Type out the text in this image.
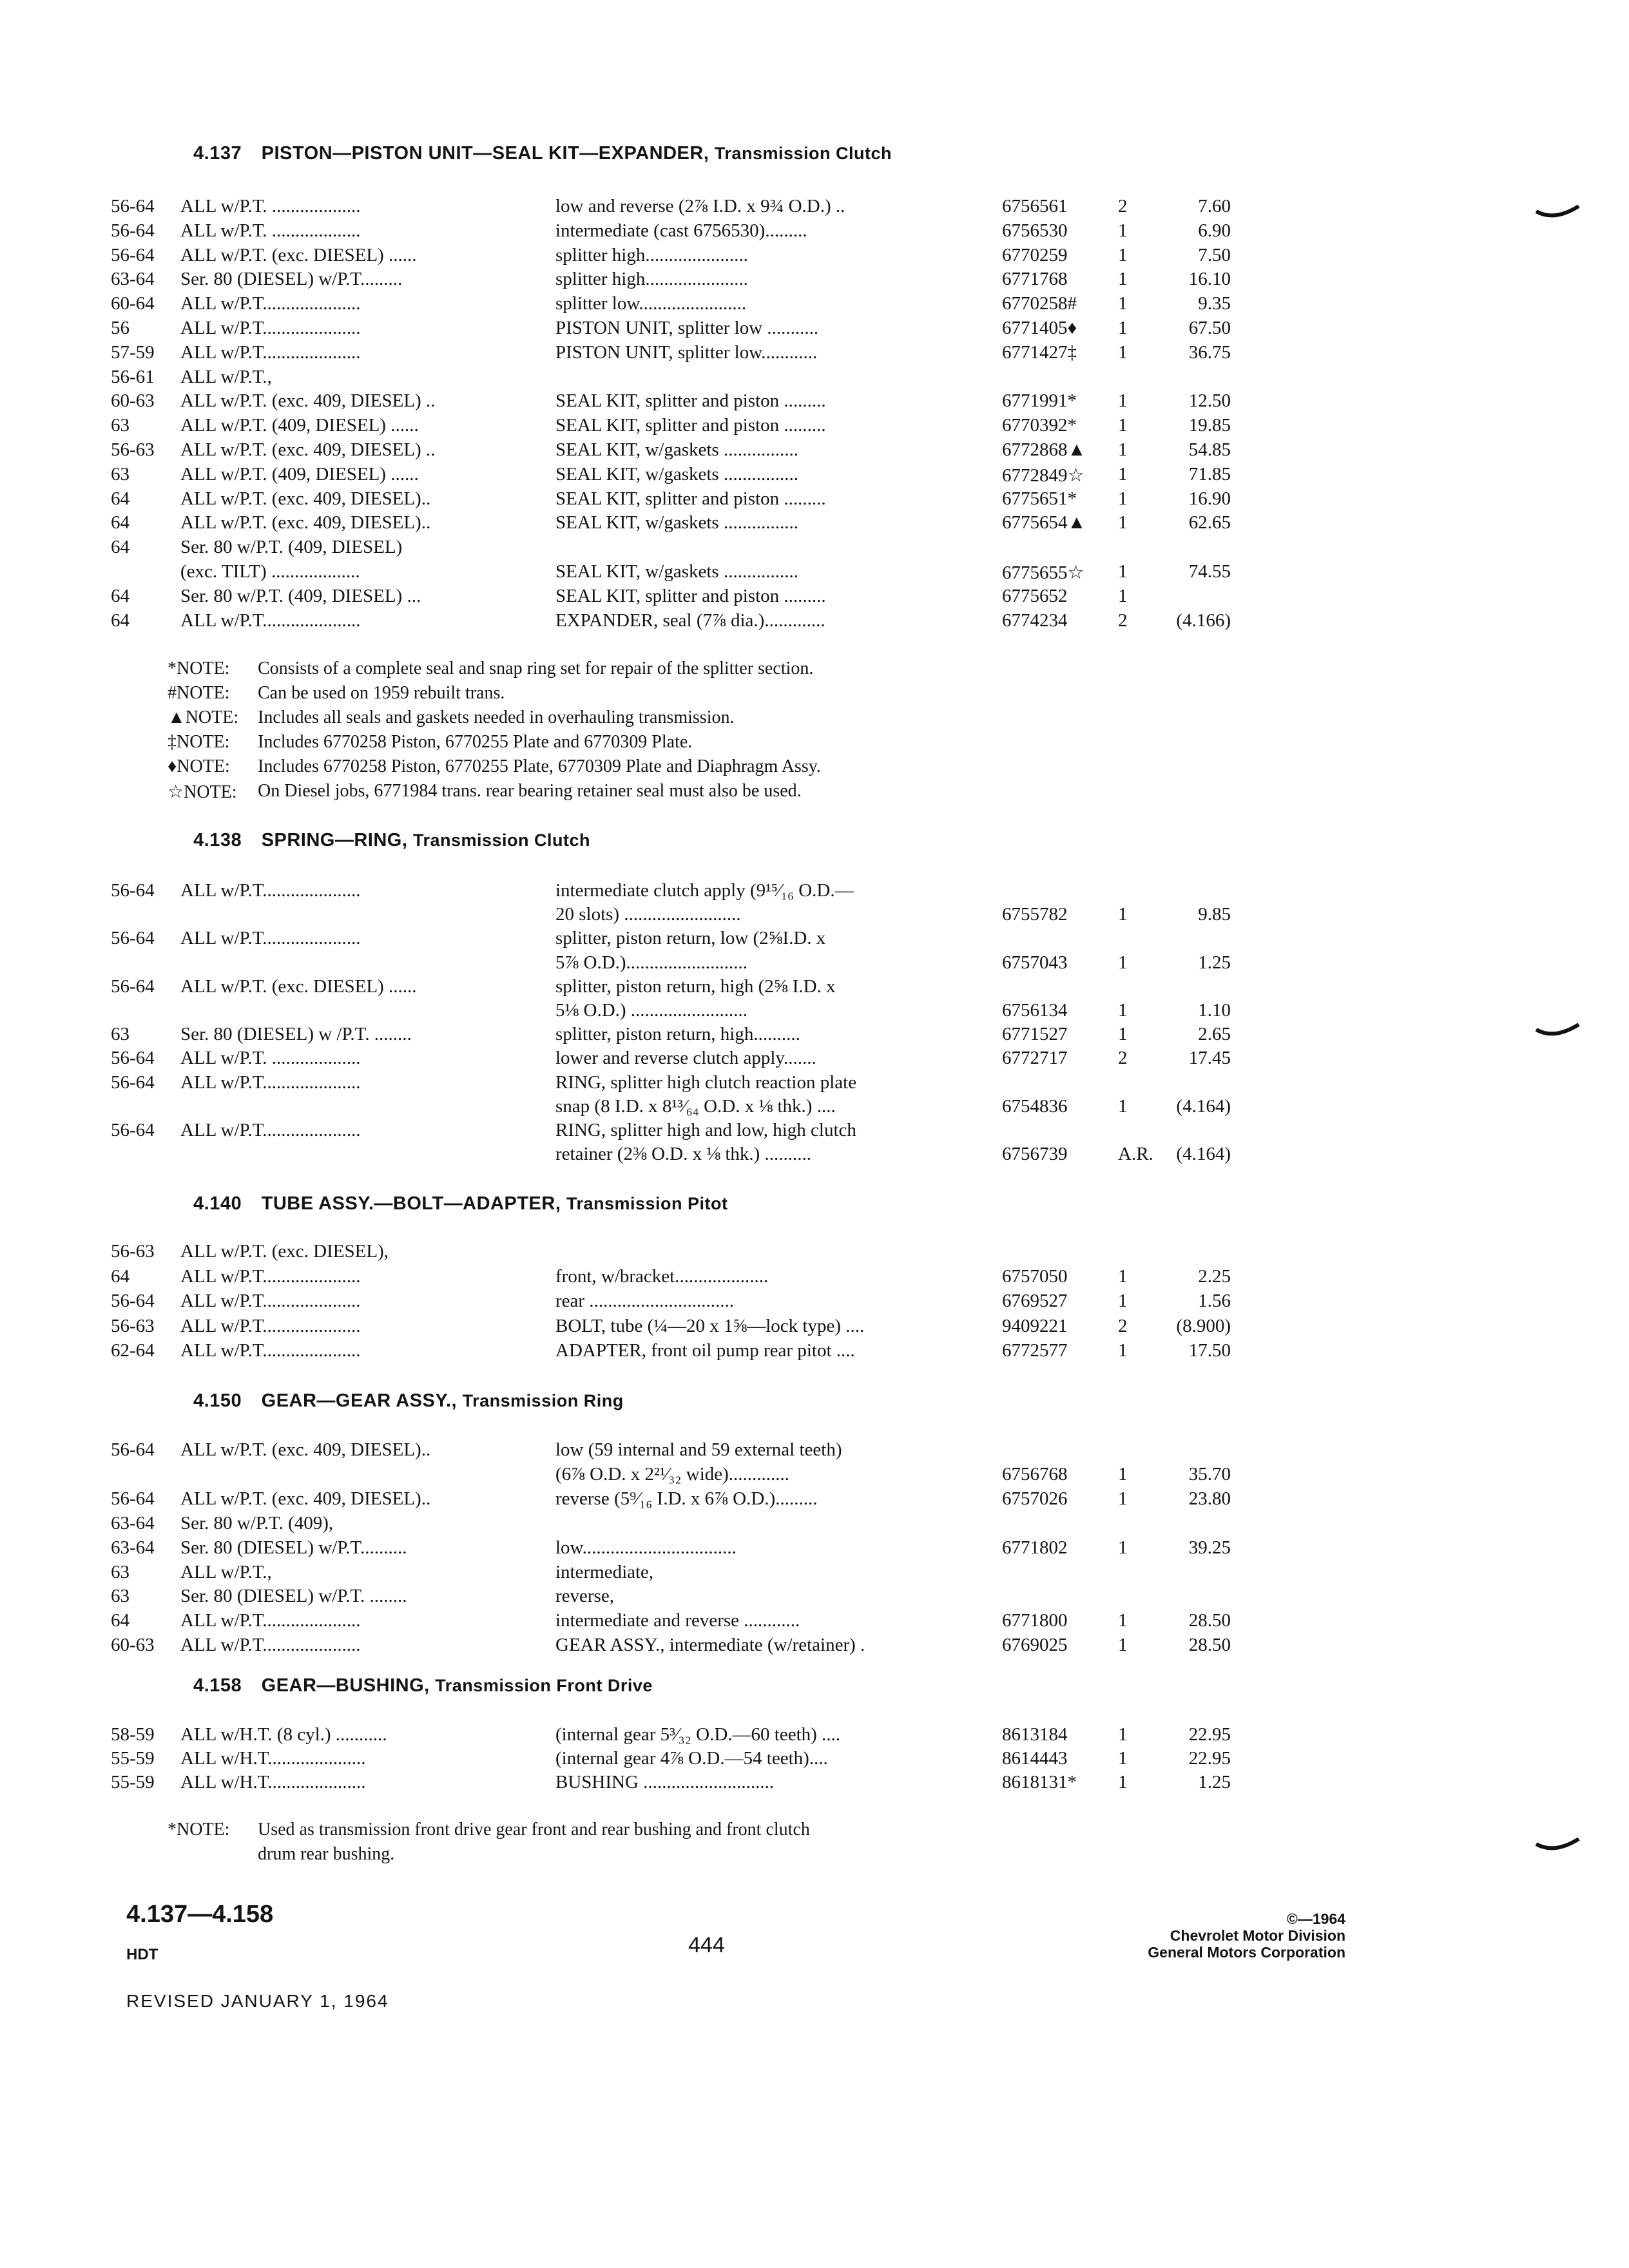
4.137 PISTON—PISTON UNIT—SEAL KIT—EXPANDER, Transmission Clutch
56-64 ALL w/P.T. ...................	low and reverse (2⅞ I.D. x 9¾ O.D.) ..	6756561	2	7.60
56-64 ALL w/P.T. ...................	intermediate (cast 6756530).........	6756530	1	6.90
56-64 ALL w/P.T. (exc. DIESEL) ......	splitter high......................	6770259	1	7.50
63-64 Ser. 80 (DIESEL) w/P.T.........	splitter high......................	6771768	1	16.10
60-64 ALL w/P.T.....................	splitter low.......................	6770258# 1	9.35
56	ALL w/P.T.....................	PISTON UNIT, splitter low ...........	6771405♦ 1	67.50
57-59 ALL w/P.T.....................	PISTON UNIT, splitter low............	6771427‡ 1	36.75
56-61 ALL w/P.T.,
60-63 ALL w/P.T. (exc. 409, DIESEL) ..	SEAL KIT, splitter and piston .........	6771991* 1	12.50
63	ALL w/P.T. (409, DIESEL) ......	SEAL KIT, splitter and piston .........	6770392* 1	19.85
56-63 ALL w/P.T. (exc. 409, DIESEL) ..	SEAL KIT, w/gaskets ................	6772868▲ 1	54.85
63	ALL w/P.T. (409, DIESEL) ......	SEAL KIT, w/gaskets ................	6772849☆ 1	71.85
64	ALL w/P.T. (exc. 409, DIESEL)..	SEAL KIT, splitter and piston .........	6775651* 1	16.90
64	ALL w/P.T. (exc. 409, DIESEL)..	SEAL KIT, w/gaskets ................	6775654▲ 1	62.65
64	Ser. 80 w/P.T. (409, DIESEL)
(exc. TILT) ...................	SEAL KIT, w/gaskets ................	6775655☆ 1	74.55
64	Ser. 80 w/P.T. (409, DIESEL) ...	SEAL KIT, splitter and piston .........	6775652	1
64	ALL w/P.T.....................	EXPANDER, seal (7⅞ dia.).............	6774234	2	(4.166)
*NOTE: Consists of a complete seal and snap ring set for repair of the splitter section.
#NOTE: Can be used on 1959 rebuilt trans.
▲NOTE: Includes all seals and gaskets needed in overhauling transmission.
‡NOTE: Includes 6770258 Piston, 6770255 Plate and 6770309 Plate.
♦NOTE: Includes 6770258 Piston, 6770255 Plate, 6770309 Plate and Diaphragm Assy.
☆NOTE: On Diesel jobs, 6771984 trans. rear bearing retainer seal must also be used.
4.138 SPRING—RING, Transmission Clutch
56-64 ALL w/P.T.....................	intermediate clutch apply (9¹⁵⁄₁₆ O.D.—
20 slots) .........................	6755782	1	9.85
56-64 ALL w/P.T.....................	splitter, piston return, low (2⅝I.D. x
5⅞ O.D.)..........................	6757043	1	1.25
56-64 ALL w/P.T. (exc. DIESEL) ......	splitter, piston return, high (2⅝ I.D. x
5⅛ O.D.) .........................	6756134	1	1.10
63	Ser. 80 (DIESEL) w /P.T. ........	splitter, piston return, high..........	6771527	1	2.65
56-64 ALL w/P.T. ...................	lower and reverse clutch apply.......	6772717	2	17.45
56-64 ALL w/P.T.....................	RING, splitter high clutch reaction plate
snap (8 I.D. x 8¹³⁄₆₄ O.D. x ⅛ thk.) ....	6754836	1	(4.164)
56-64 ALL w/P.T.....................	RING, splitter high and low, high clutch
retainer (2⅜ O.D. x ⅛ thk.) ..........	6756739	A.R.	(4.164)
4.140 TUBE ASSY.—BOLT—ADAPTER, Transmission Pitot
56-63 ALL w/P.T. (exc. DIESEL),
64	ALL w/P.T.....................	front, w/bracket....................	6757050	1	2.25
56-64 ALL w/P.T.....................	rear ...............................	6769527	1	1.56
56-63 ALL w/P.T.....................	BOLT, tube (¼—20 x 1⅝—lock type) ....	9409221	2	(8.900)
62-64 ALL w/P.T.....................	ADAPTER, front oil pump rear pitot ....	6772577	1	17.50
4.150 GEAR—GEAR ASSY., Transmission Ring
56-64 ALL w/P.T. (exc. 409, DIESEL)..	low (59 internal and 59 external teeth)
(6⅞ O.D. x 2²¹⁄₃₂ wide).............	6756768	1	35.70
56-64 ALL w/P.T. (exc. 409, DIESEL)..	reverse (5⁹⁄₁₆ I.D. x 6⅞ O.D.).........	6757026	1	23.80
63-64 Ser. 80 w/P.T. (409),
63-64 Ser. 80 (DIESEL) w/P.T..........	low.................................	6771802	1	39.25
63	ALL w/P.T.,	intermediate,
63	Ser. 80 (DIESEL) w/P.T. ........	reverse,
64	ALL w/P.T.....................	intermediate and reverse ............	6771800	1	28.50
60-63 ALL w/P.T.....................	GEAR ASSY., intermediate (w/retainer) .	6769025	1	28.50
4.158 GEAR—BUSHING, Transmission Front Drive
58-59 ALL w/H.T. (8 cyl.) ...........	(internal gear 5³⁄₃₂ O.D.—60 teeth) ....	8613184	1	22.95
55-59 ALL w/H.T.....................	(internal gear 4⅞ O.D.—54 teeth)....	8614443	1	22.95
55-59 ALL w/H.T.....................	BUSHING ............................	8618131* 1	1.25
*NOTE: Used as transmission front drive gear front and rear bushing and front clutch
drum rear bushing.
4.137—4.158
HDT
REVISED JANUARY 1, 1964
444
©—1964
Chevrolet Motor Division
General Motors Corporation
